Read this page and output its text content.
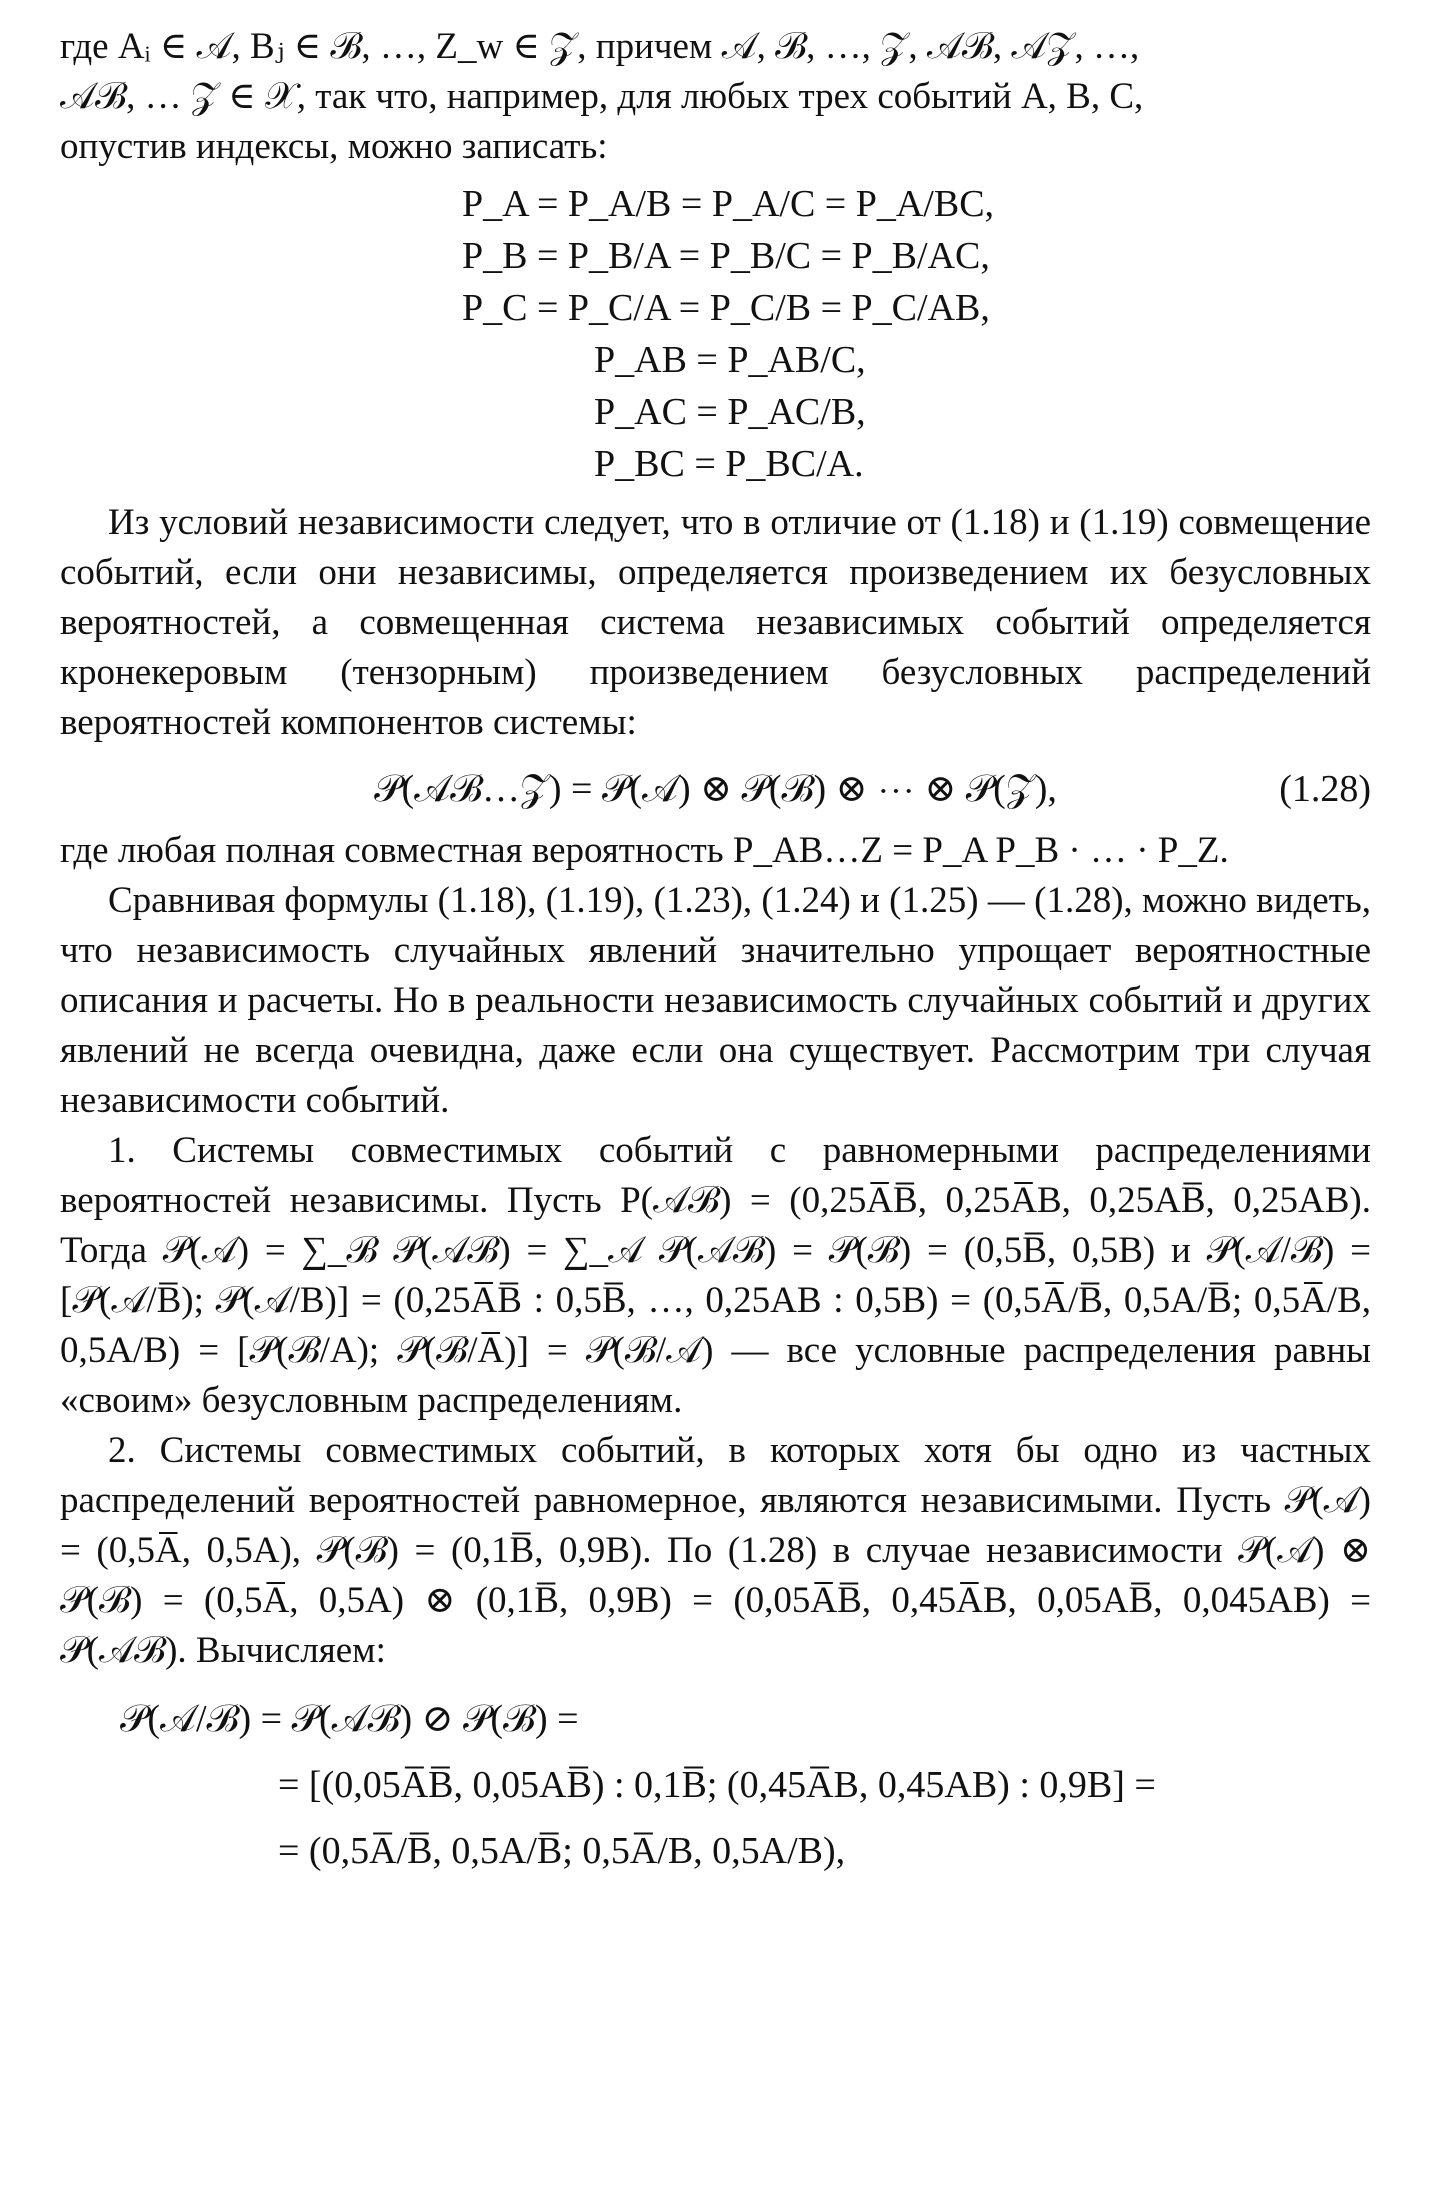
где Aᵢ ∈ 𝒜, Bⱼ ∈ ℬ, …, Z_w ∈ 𝒵, причем 𝒜, ℬ, …, 𝒵, 𝒜ℬ, 𝒜𝒵, …,
𝒜ℬ, … 𝒵 ∈ 𝒳, так что, например, для любых трех событий A, B, C,
опустив индексы, можно записать:

P_A = P_A/B = P_A/C = P_A/BC,
P_B = P_B/A = P_B/C = P_B/AC,
P_C = P_C/A = P_C/B = P_C/AB,
P_AB = P_AB/C,
P_AC = P_AC/B,
P_BC = P_BC/A.

Из условий независимости следует, что в отличие от (1.18) и (1.19) совмещение событий, если они независимы, определяется произведением их безусловных вероятностей, а совмещенная система независимых событий определяется кронекеровым (тензорным) произведением безусловных распределений вероятностей компонентов системы:

𝒫(𝒜ℬ…𝒵) = 𝒫(𝒜) ⊗ 𝒫(ℬ) ⊗ ⋯ ⊗ 𝒫(𝒵),	(1.28)

где любая полная совместная вероятность P_AB…Z = P_A P_B · … · P_Z.

Сравнивая формулы (1.18), (1.19), (1.23), (1.24) и (1.25) — (1.28), можно видеть, что независимость случайных явлений значительно упрощает вероятностные описания и расчеты. Но в реальности независимость случайных событий и других явлений не всегда очевидна, даже если она существует. Рассмотрим три случая независимости событий.

1. Системы совместимых событий с равномерными распределениями вероятностей независимы. Пусть P(𝒜ℬ) = (0,25A̅B̅, 0,25A̅B, 0,25AB̅, 0,25AB). Тогда 𝒫(𝒜) = ∑_ℬ 𝒫(𝒜ℬ) = ∑_𝒜 𝒫(𝒜ℬ) = 𝒫(ℬ) = (0,5B̅, 0,5B) и 𝒫(𝒜/ℬ) = [𝒫(𝒜/B̅); 𝒫(𝒜/B)] = (0,25A̅B̅ : 0,5B̅, …, 0,25AB : 0,5B) = (0,5A̅/B̅, 0,5A/B̅; 0,5A̅/B, 0,5A/B) = [𝒫(ℬ/A); 𝒫(ℬ/A̅)] = 𝒫(ℬ/𝒜) — все условные распределения равны «своим» безусловным распределениям.

2. Системы совместимых событий, в которых хотя бы одно из частных распределений вероятностей равномерное, являются независимыми. Пусть 𝒫(𝒜) = (0,5A̅, 0,5A), 𝒫(ℬ) = (0,1B̅, 0,9B). По (1.28) в случае независимости 𝒫(𝒜) ⊗ 𝒫(ℬ) = (0,5A̅, 0,5A) ⊗ (0,1B̅, 0,9B) = (0,05A̅B̅, 0,45A̅B, 0,05AB̅, 0,045AB) = 𝒫(𝒜ℬ). Вычисляем:

𝒫(𝒜/ℬ) = 𝒫(𝒜ℬ) ⊘ 𝒫(ℬ) =
= [(0,05A̅B̅, 0,05AB̅) : 0,1B̅; (0,45A̅B, 0,45AB) : 0,9B] =
= (0,5A̅/B̅, 0,5A/B̅; 0,5A̅/B, 0,5A/B),
